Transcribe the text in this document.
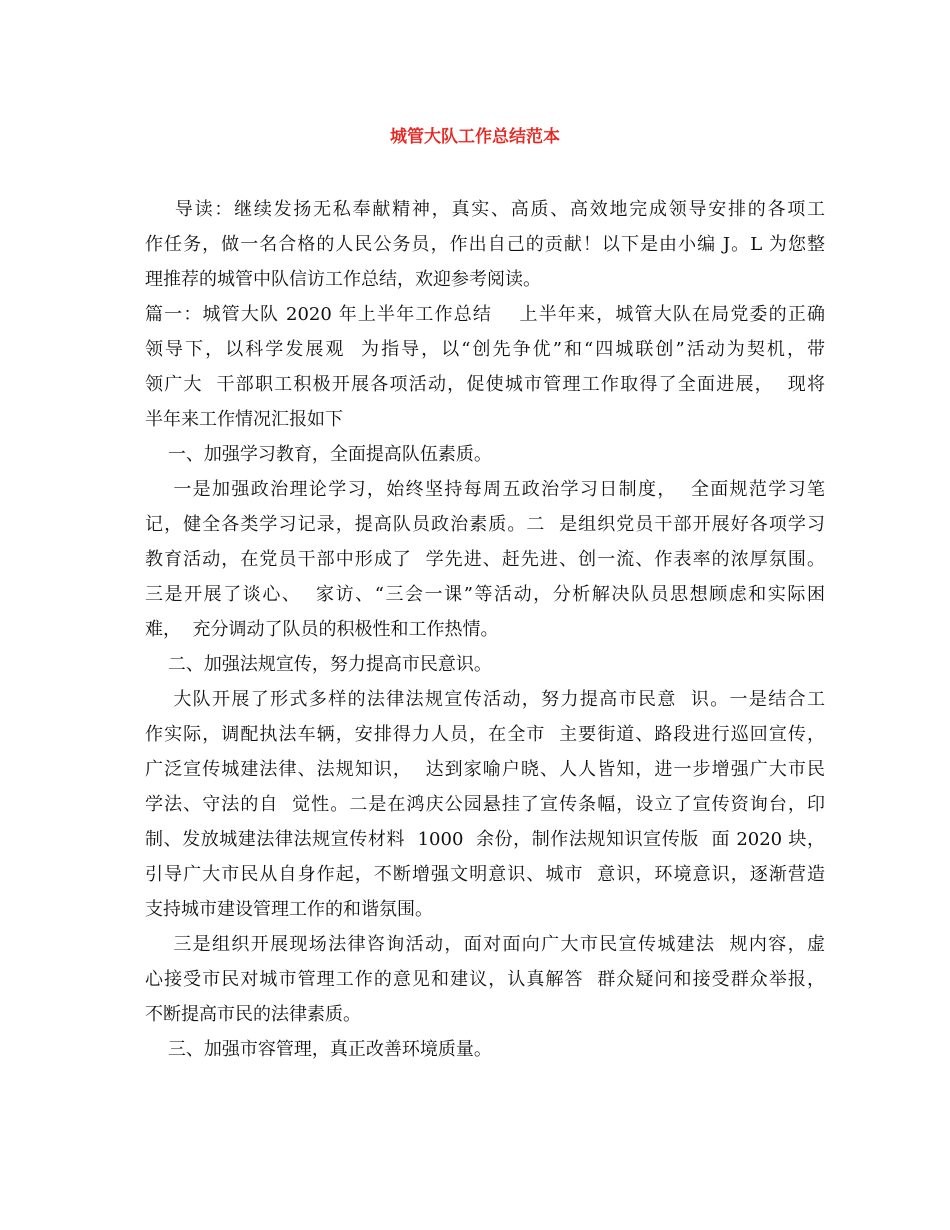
城管大队工作总结范本
导读：继续发扬无私奉献精神，真实、高质、高效地完成领导安排的各项工
作任务，做一名合格的人民公务员，作出自己的贡献！以下是由小编 J。L 为您整
理推荐的城管中队信访工作总结，欢迎参考阅读。
篇一：城管大队 2020 年上半年工作总结    上半年来，城管大队在局党委的正确
领导下，以科学发展观  为指导，以“创先争优”和“四城联创”活动为契机，带
领广大  干部职工积极开展各项活动，促使城市管理工作取得了全面进展，  现将
半年来工作情况汇报如下
一、加强学习教育，全面提高队伍素质。
一是加强政治理论学习，始终坚持每周五政治学习日制度，  全面规范学习笔
记，健全各类学习记录，提高队员政治素质。二  是组织党员干部开展好各项学习
教育活动，在党员干部中形成了  学先进、赶先进、创一流、作表率的浓厚氛围。
三是开展了谈心、  家访、“三会一课”等活动，分析解决队员思想顾虑和实际困
难，  充分调动了队员的积极性和工作热情。
二、加强法规宣传，努力提高市民意识。
大队开展了形式多样的法律法规宣传活动，努力提高市民意  识。一是结合工
作实际，调配执法车辆，安排得力人员，在全市  主要街道、路段进行巡回宣传，
广泛宣传城建法律、法规知识，  达到家喻户晓、人人皆知，进一步增强广大市民
学法、守法的自  觉性。二是在鸿庆公园悬挂了宣传条幅，设立了宣传资询台，印
制、发放城建法律法规宣传材料  1000  余份，制作法规知识宣传版  面 2020 块，
引导广大市民从自身作起，不断增强文明意识、城市  意识，环境意识，逐渐营造
支持城市建设管理工作的和谐氛围。
三是组织开展现场法律咨询活动，面对面向广大市民宣传城建法  规内容，虚
心接受市民对城市管理工作的意见和建议，认真解答  群众疑问和接受群众举报，
不断提高市民的法律素质。
三、加强市容管理，真正改善环境质量。
